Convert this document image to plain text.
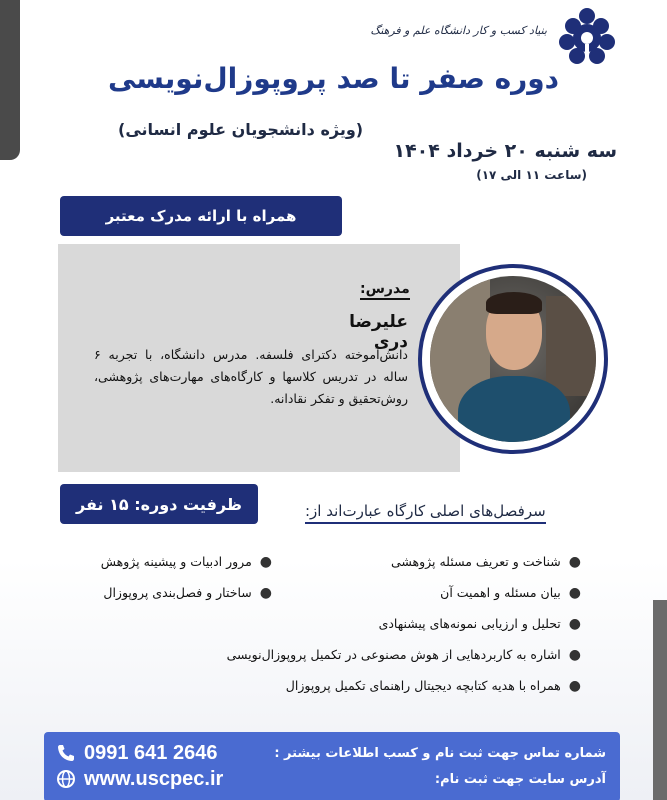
بنیاد کسب و کار دانشگاه علم و فرهنگ
دوره صفر تا صد پروپوزال‌نویسی
(ویژه دانشجویان علوم انسانی)
سه شنبه ۲۰ خرداد ۱۴۰۴
(ساعت ۱۱ الی ۱۷)
همراه با ارائه مدرک معتبر
مدرس:
علیرضا دری
دانش‌آموخته دکترای فلسفه. مدرس دانشگاه، با تجربه ۶ ساله در تدریس کلاسها و کارگاه‌های مهارت‌های پژوهشی، روش‌تحقیق و تفکر نقادانه.
ظرفیت دوره: ۱۵ نفر	سرفصل‌های اصلی کارگاه عبارت‌اند از:
●شناخت و تعریف مسئله پژوهشی
●بیان مسئله و اهمیت آن
●تحلیل و ارزیابی نمونه‌های پیشنهادی
●اشاره به کاربردهایی از هوش مصنوعی در تکمیل پروپوزال‌نویسی
●همراه با هدیه کتابچه دیجیتال راهنمای تکمیل پروپوزال
●مرور ادبیات و پیشینه پژوهش
●ساختار و فصل‌بندی پروپوزال
0991 641 2646	شماره تماس جهت ثبت نام و کسب اطلاعات بیشتر :
www.uscpec.ir	آدرس سایت جهت ثبت نام:
